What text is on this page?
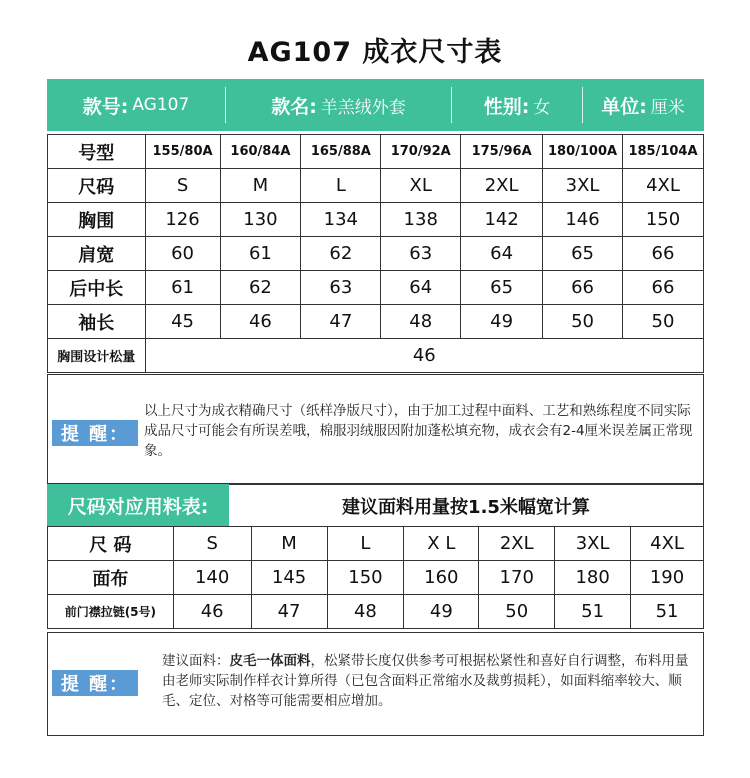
AG107 成衣尺寸表
款号: AG107	款名: 羊羔绒外套	性别: 女	单位: 厘米
号型	155/80A	160/84A	165/88A	170/92A	175/96A	180/100A	185/104A
尺码	S	M	L	XL	2XL	3XL	4XL
胸围	126	130	134	138	142	146	150
肩宽	60	61	62	63	64	65	66
后中长	61	62	63	64	65	66	66
袖长	45	46	47	48	49	50	50
胸围设计松量	46						
提 醒：
以上尺寸为成衣精确尺寸（纸样净版尺寸），由于加工过程中面料、工艺和熟练程度不同实际成品尺寸可能会有所误差哦，棉服羽绒服因附加蓬松填充物，成衣会有2-4厘米误差属正常现象。
尺码对应用料表:	建议面料用量按1.5米幅宽计算
尺 码	S	M	L	X L	2XL	3XL	4XL
面布	140	145	150	160	170	180	190
前门襟拉链(5号)	46	47	48	49	50	51	51
提 醒：
建议面料：皮毛一体面料，松紧带长度仅供参考可根据松紧性和喜好自行调整，布料用量由老师实际制作样衣计算所得（已包含面料正常缩水及裁剪损耗），如面料缩率较大、顺毛、定位、对格等可能需要相应增加。
